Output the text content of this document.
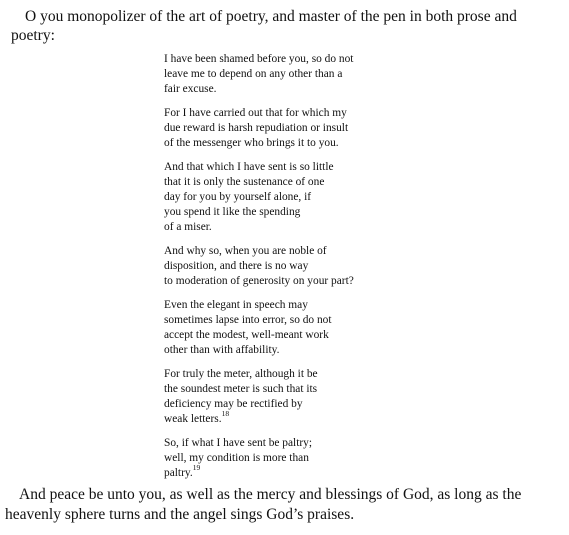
O you monopolizer of the art of poetry, and master of the pen in both prose and poetry:

I have been shamed before you, so do not
leave me to depend on any other than a
fair excuse.
For I have carried out that for which my
due reward is harsh repudiation or insult
of the messenger who brings it to you.
And that which I have sent is so little
that it is only the sustenance of one
day for you by yourself alone, if
you spend it like the spending
of a miser.
And why so, when you are noble of
disposition, and there is no way
to moderation of generosity on your part?
Even the elegant in speech may
sometimes lapse into error, so do not
accept the modest, well-meant work
other than with affability.
For truly the meter, although it be
the soundest meter is such that its
deficiency may be rectified by
weak letters.$^{18}$
So, if what I have sent be paltry;
well, my condition is more than
paltry.$^{19}$

And peace be unto you, as well as the mercy and blessings of God, as long as the heavenly sphere turns and the angel sings God’s praises.
